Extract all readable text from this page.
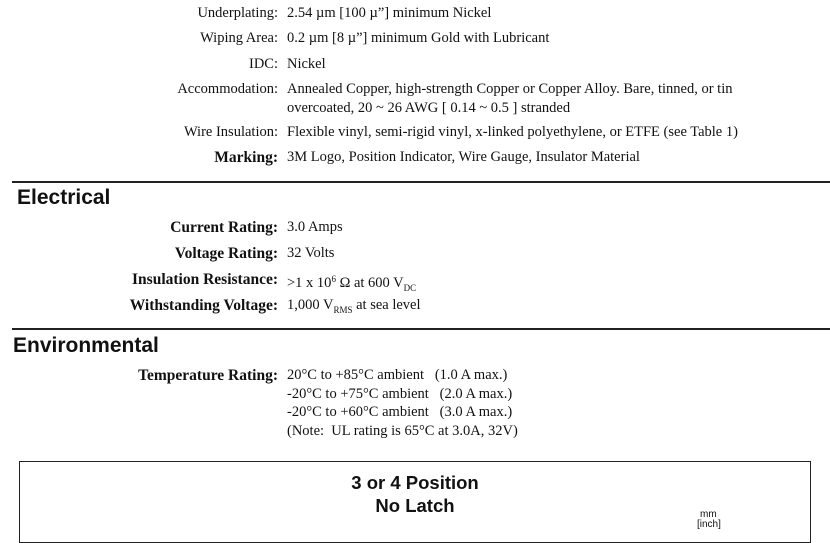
Underplating: 2.54 µm [100 µ”] minimum Nickel
Wiping Area: 0.2 µm [8 µ”] minimum Gold with Lubricant
IDC: Nickel
Accommodation: Annealed Copper, high-strength Copper or Copper Alloy. Bare, tinned, or tin
overcoated, 20 ~ 26 AWG [ 0.14 ~ 0.5 ] stranded
Wire Insulation: Flexible vinyl, semi-rigid vinyl, x-linked polyethylene, or ETFE (see Table 1)
Marking: 3M Logo, Position Indicator, Wire Gauge, Insulator Material
Electrical
Current Rating: 3.0 Amps
Voltage Rating: 32 Volts
Insulation Resistance: >1 x $10^6$ Ω at 600 $V_{DC}$
Withstanding Voltage: 1,000 $V_{RMS}$ at sea level
Environmental
Temperature Rating: 20°C to +85°C ambient   (1.0 A max.)
-20°C to +75°C ambient   (2.0 A max.)
-20°C to +60°C ambient   (3.0 A max.)
(Note:  UL rating is 65°C at 3.0A, 32V)
3 or 4 Position
No Latch	mm
[inch]
